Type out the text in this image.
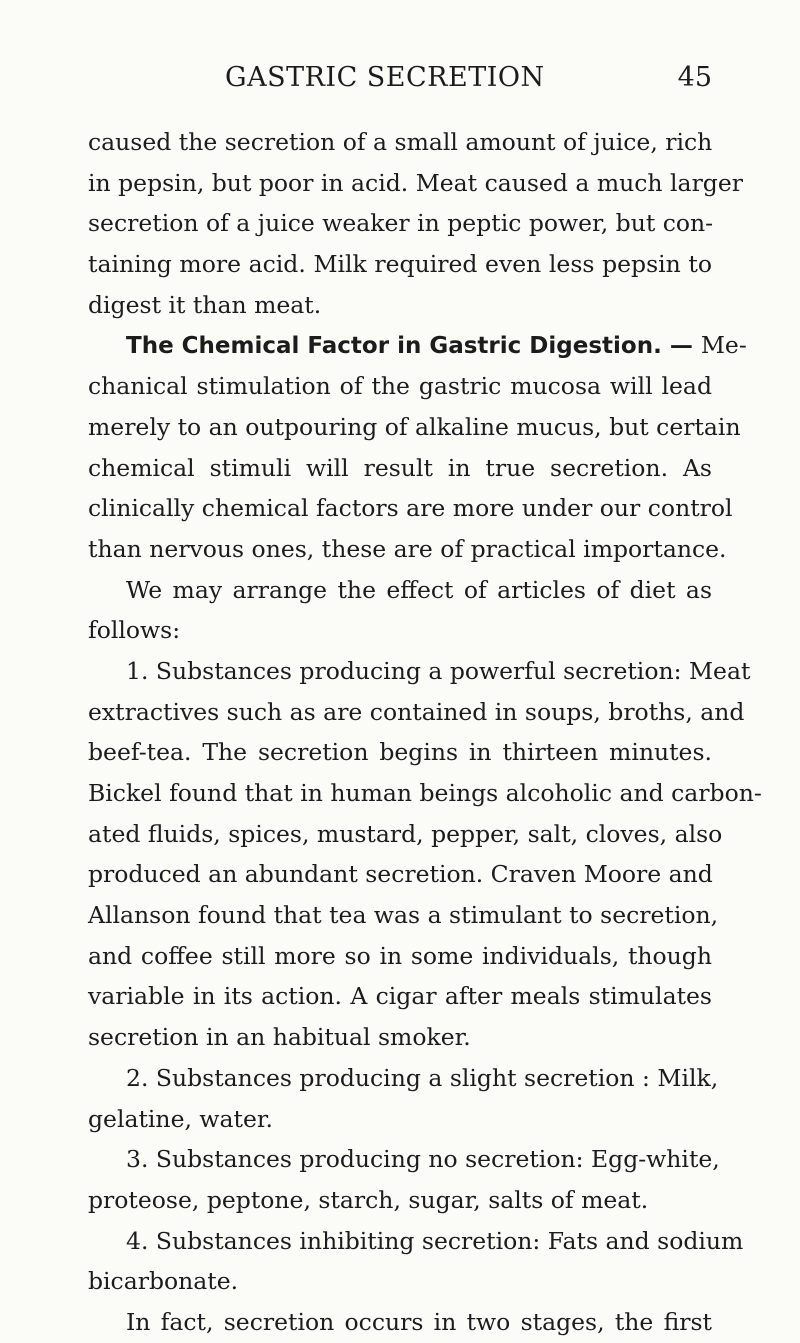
GASTRIC SECRETION	45
caused the secretion of a small amount of juice, rich
in pepsin, but poor in acid. Meat caused a much larger
secretion of a juice weaker in peptic power, but con-
taining more acid. Milk required even less pepsin to
digest it than meat.
The Chemical Factor in Gastric Digestion. — Me-
chanical stimulation of the gastric mucosa will lead
merely to an outpouring of alkaline mucus, but certain
chemical stimuli will result in true secretion. As
clinically chemical factors are more under our control
than nervous ones, these are of practical importance.
We may arrange the effect of articles of diet as
follows:
1. Substances producing a powerful secretion: Meat
extractives such as are contained in soups, broths, and
beef-tea. The secretion begins in thirteen minutes.
Bickel found that in human beings alcoholic and carbon-
ated fluids, spices, mustard, pepper, salt, cloves, also
produced an abundant secretion. Craven Moore and
Allanson found that tea was a stimulant to secretion,
and coffee still more so in some individuals, though
variable in its action. A cigar after meals stimulates
secretion in an habitual smoker.
2. Substances producing a slight secretion : Milk,
gelatine, water.
3. Substances producing no secretion: Egg-white,
proteose, peptone, starch, sugar, salts of meat.
4. Substances inhibiting secretion: Fats and sodium
bicarbonate.
In fact, secretion occurs in two stages, the first
